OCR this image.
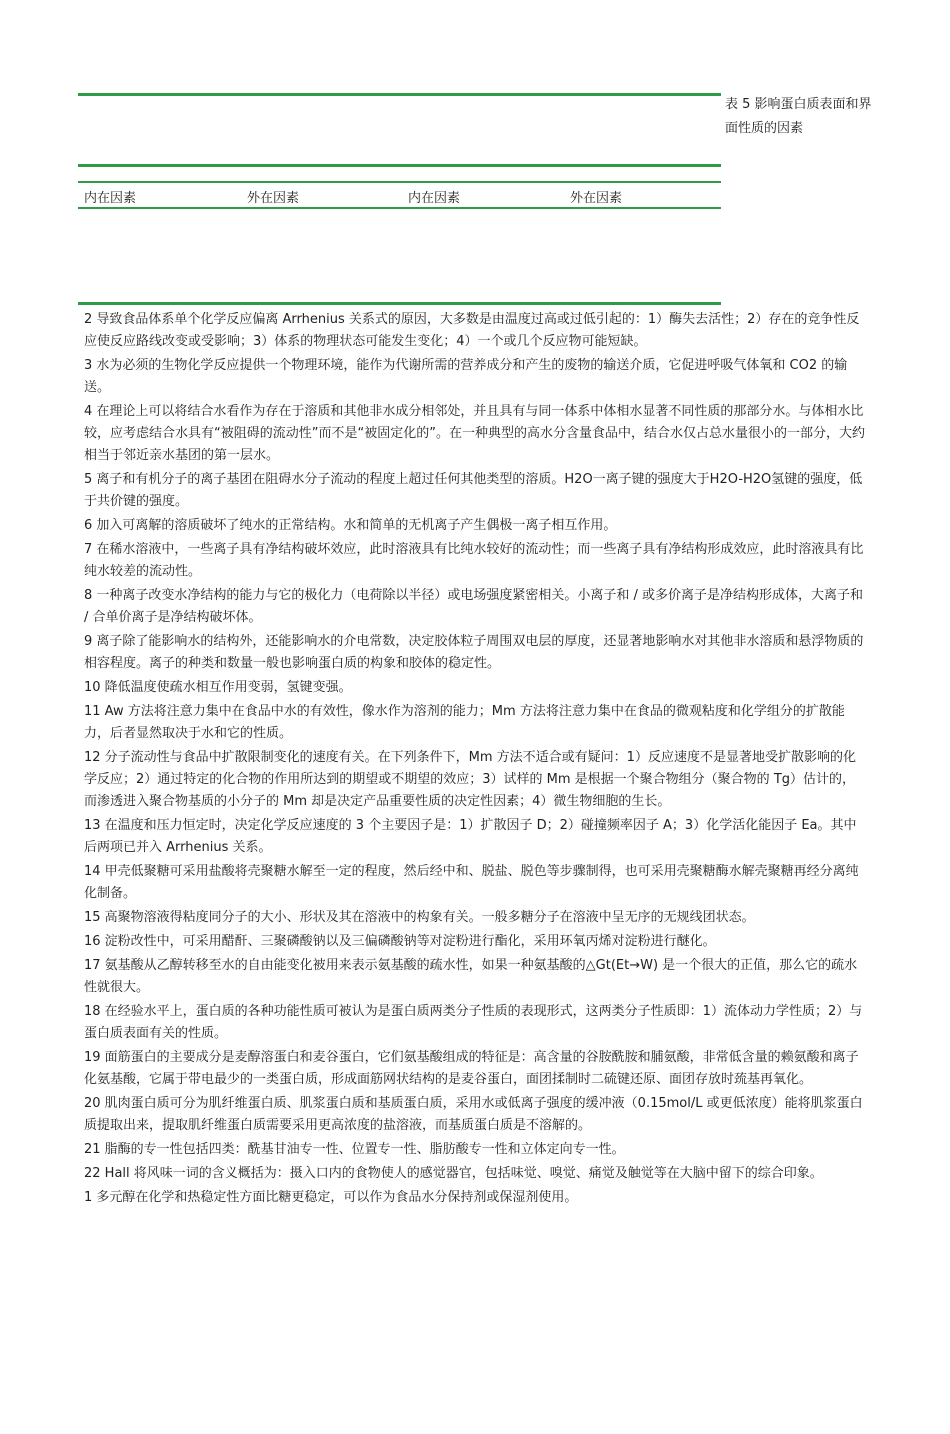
表 5 影响蛋白质表面和界面性质的因素
内在因素	外在因素	内在因素	外在因素
2 导致食品体系单个化学反应偏离 Arrhenius 关系式的原因，大多数是由温度过高或过低引起的：1）酶失去活性；2）存在的竞争性反应使反应路线改变或受影响；3）体系的物理状态可能发生变化；4）一个或几个反应物可能短缺。
3 水为必须的生物化学反应提供一个物理环境，能作为代谢所需的营养成分和产生的废物的输送介质，它促进呼吸气体氧和 CO2 的输送。
4 在理论上可以将结合水看作为存在于溶质和其他非水成分相邻处，并且具有与同一体系中体相水显著不同性质的那部分水。与体相水比较，应考虑结合水具有“被阻碍的流动性”而不是“被固定化的”。在一种典型的高水分含量食品中，结合水仅占总水量很小的一部分，大约相当于邻近亲水基团的第一层水。
5 离子和有机分子的离子基团在阻碍水分子流动的程度上超过任何其他类型的溶质。H2O一离子键的强度大于H2O-H2O氢键的强度，低于共价键的强度。
6 加入可离解的溶质破坏了纯水的正常结构。水和简单的无机离子产生偶极一离子相互作用。
7 在稀水溶液中，一些离子具有净结构破坏效应，此时溶液具有比纯水较好的流动性；而一些离子具有净结构形成效应，此时溶液具有比纯水较差的流动性。
8 一种离子改变水净结构的能力与它的极化力（电荷除以半径）或电场强度紧密相关。小离子和 / 或多价离子是净结构形成体，大离子和 / 合单价离子是净结构破坏体。
9 离子除了能影响水的结构外，还能影响水的介电常数，决定胶体粒子周围双电层的厚度，还显著地影响水对其他非水溶质和悬浮物质的相容程度。离子的种类和数量一般也影响蛋白质的构象和胶体的稳定性。
10 降低温度使疏水相互作用变弱，氢键变强。
11 Aw 方法将注意力集中在食品中水的有效性，像水作为溶剂的能力；Mm 方法将注意力集中在食品的微观粘度和化学组分的扩散能力，后者显然取决于水和它的性质。
12 分子流动性与食品中扩散限制变化的速度有关。在下列条件下，Mm 方法不适合或有疑问：1）反应速度不是显著地受扩散影响的化学反应；2）通过特定的化合物的作用所达到的期望或不期望的效应；3）试样的 Mm 是根据一个聚合物组分（聚合物的 Tg）估计的，而渗透进入聚合物基质的小分子的 Mm 却是决定产品重要性质的决定性因素；4）微生物细胞的生长。
13 在温度和压力恒定时，决定化学反应速度的 3 个主要因子是：1）扩散因子 D；2）碰撞频率因子 A；3）化学活化能因子 Ea。其中后两项已并入 Arrhenius 关系。
14 甲壳低聚糖可采用盐酸将壳聚糖水解至一定的程度，然后经中和、脱盐、脱色等步骤制得，也可采用壳聚糖酶水解壳聚糖再经分离纯化制备。
15 高聚物溶液得粘度同分子的大小、形状及其在溶液中的构象有关。一般多糖分子在溶液中呈无序的无规线团状态。
16 淀粉改性中，可采用醋酐、三聚磷酸钠以及三偏磷酸钠等对淀粉进行酯化，采用环氧丙烯对淀粉进行醚化。
17 氨基酸从乙醇转移至水的自由能变化被用来表示氨基酸的疏水性，如果一种氨基酸的△Gt(Et→W) 是一个很大的正值，那么它的疏水性就很大。
18 在经验水平上，蛋白质的各种功能性质可被认为是蛋白质两类分子性质的表现形式，这两类分子性质即：1）流体动力学性质；2）与蛋白质表面有关的性质。
19 面筋蛋白的主要成分是麦醇溶蛋白和麦谷蛋白，它们氨基酸组成的特征是：高含量的谷胺酰胺和脯氨酸，非常低含量的赖氨酸和离子化氨基酸，它属于带电最少的一类蛋白质，形成面筋网状结构的是麦谷蛋白，面团揉制时二硫键还原、面团存放时巯基再氧化。
20 肌肉蛋白质可分为肌纤维蛋白质、肌浆蛋白质和基质蛋白质，采用水或低离子强度的缓冲液（0.15mol/L 或更低浓度）能将肌浆蛋白质提取出来，提取肌纤维蛋白质需要采用更高浓度的盐溶液，而基质蛋白质是不溶解的。
21 脂酶的专一性包括四类：酰基甘油专一性、位置专一性、脂肪酸专一性和立体定向专一性。
22 Hall 将风味一词的含义概括为：摄入口内的食物使人的感觉器官，包括味觉、嗅觉、痛觉及触觉等在大脑中留下的综合印象。
1 多元醇在化学和热稳定性方面比糖更稳定，可以作为食品水分保持剂或保湿剂使用。
